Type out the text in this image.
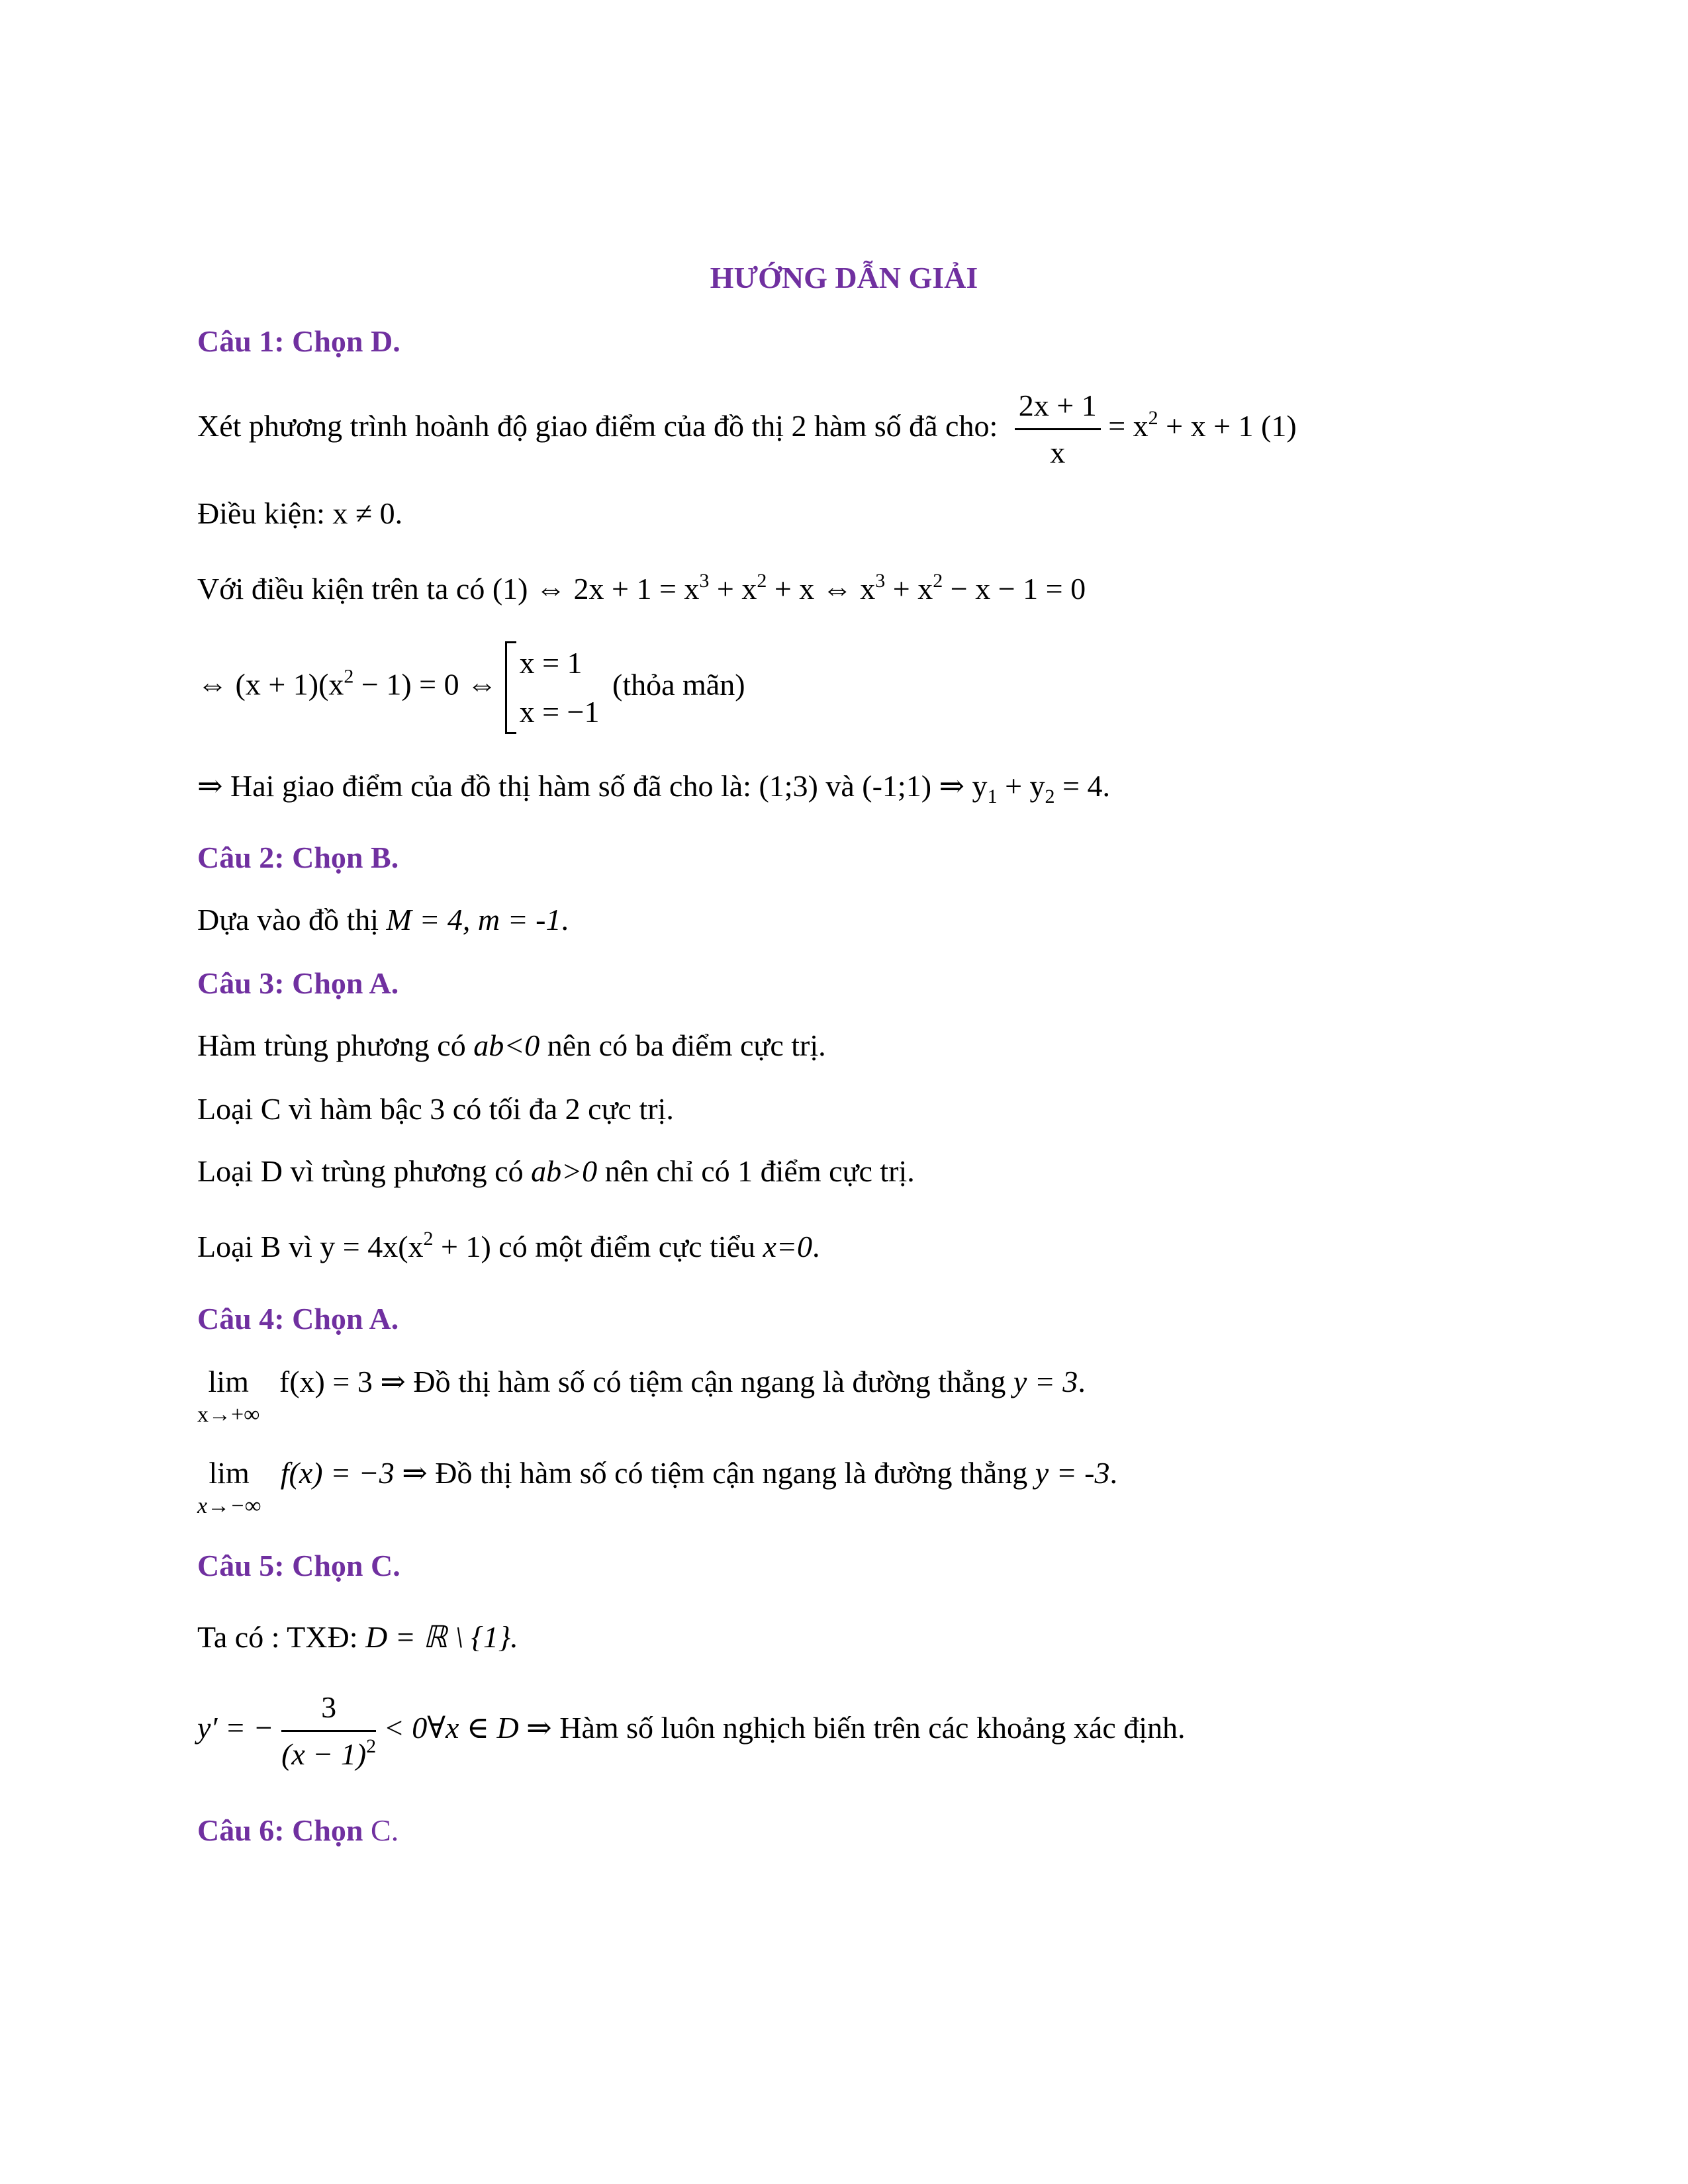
HƯỚNG DẪN GIẢI
Câu 1: Chọn D.
Xét phương trình hoành độ giao điểm của đồ thị 2 hàm số đã cho: $\frac{2x + 1}{x} = x^2 + x + 1$ (1)
Điều kiện: x ≠ 0.
Với điều kiện trên ta có (1) ⇔ $2x + 1 = x^3 + x^2 + x$ ⇔ $x^3 + x^2 - x - 1 = 0$
⇔ $(x + 1)(x^2 - 1) = 0$ ⇔
x = 1
x = −1
(thỏa mãn)
⇒ Hai giao điểm của đồ thị hàm số đã cho là: (1;3) và (-1;1) ⇒ $y_1 + y_2 = 4$.
Câu 2: Chọn B.
Dựa vào đồ thị M = 4, m = -1.
Câu 3: Chọn A.
Hàm trùng phương có ab<0 nên có ba điểm cực trị.
Loại C vì hàm bậc 3 có tối đa 2 cực trị.
Loại D vì trùng phương có ab>0 nên chỉ có 1 điểm cực trị.
Loại B vì $y = 4x(x^2 + 1)$ có một điểm cực tiểu x=0.
Câu 4: Chọn A.
lim
x→+∞
f(x) = 3 ⇒ Đồ thị hàm số có tiệm cận ngang là đường thẳng y = 3.
lim
x→−∞
f(x) = −3 ⇒ Đồ thị hàm số có tiệm cận ngang là đường thẳng y = -3.
Câu 5: Chọn C.
Ta có : TXĐ: D = ℝ \ {1}.
y′ = − $\frac{3}{(x - 1)^2}$ < 0∀x ∈ D ⇒ Hàm số luôn nghịch biến trên các khoảng xác định.
Câu 6: Chọn C.
